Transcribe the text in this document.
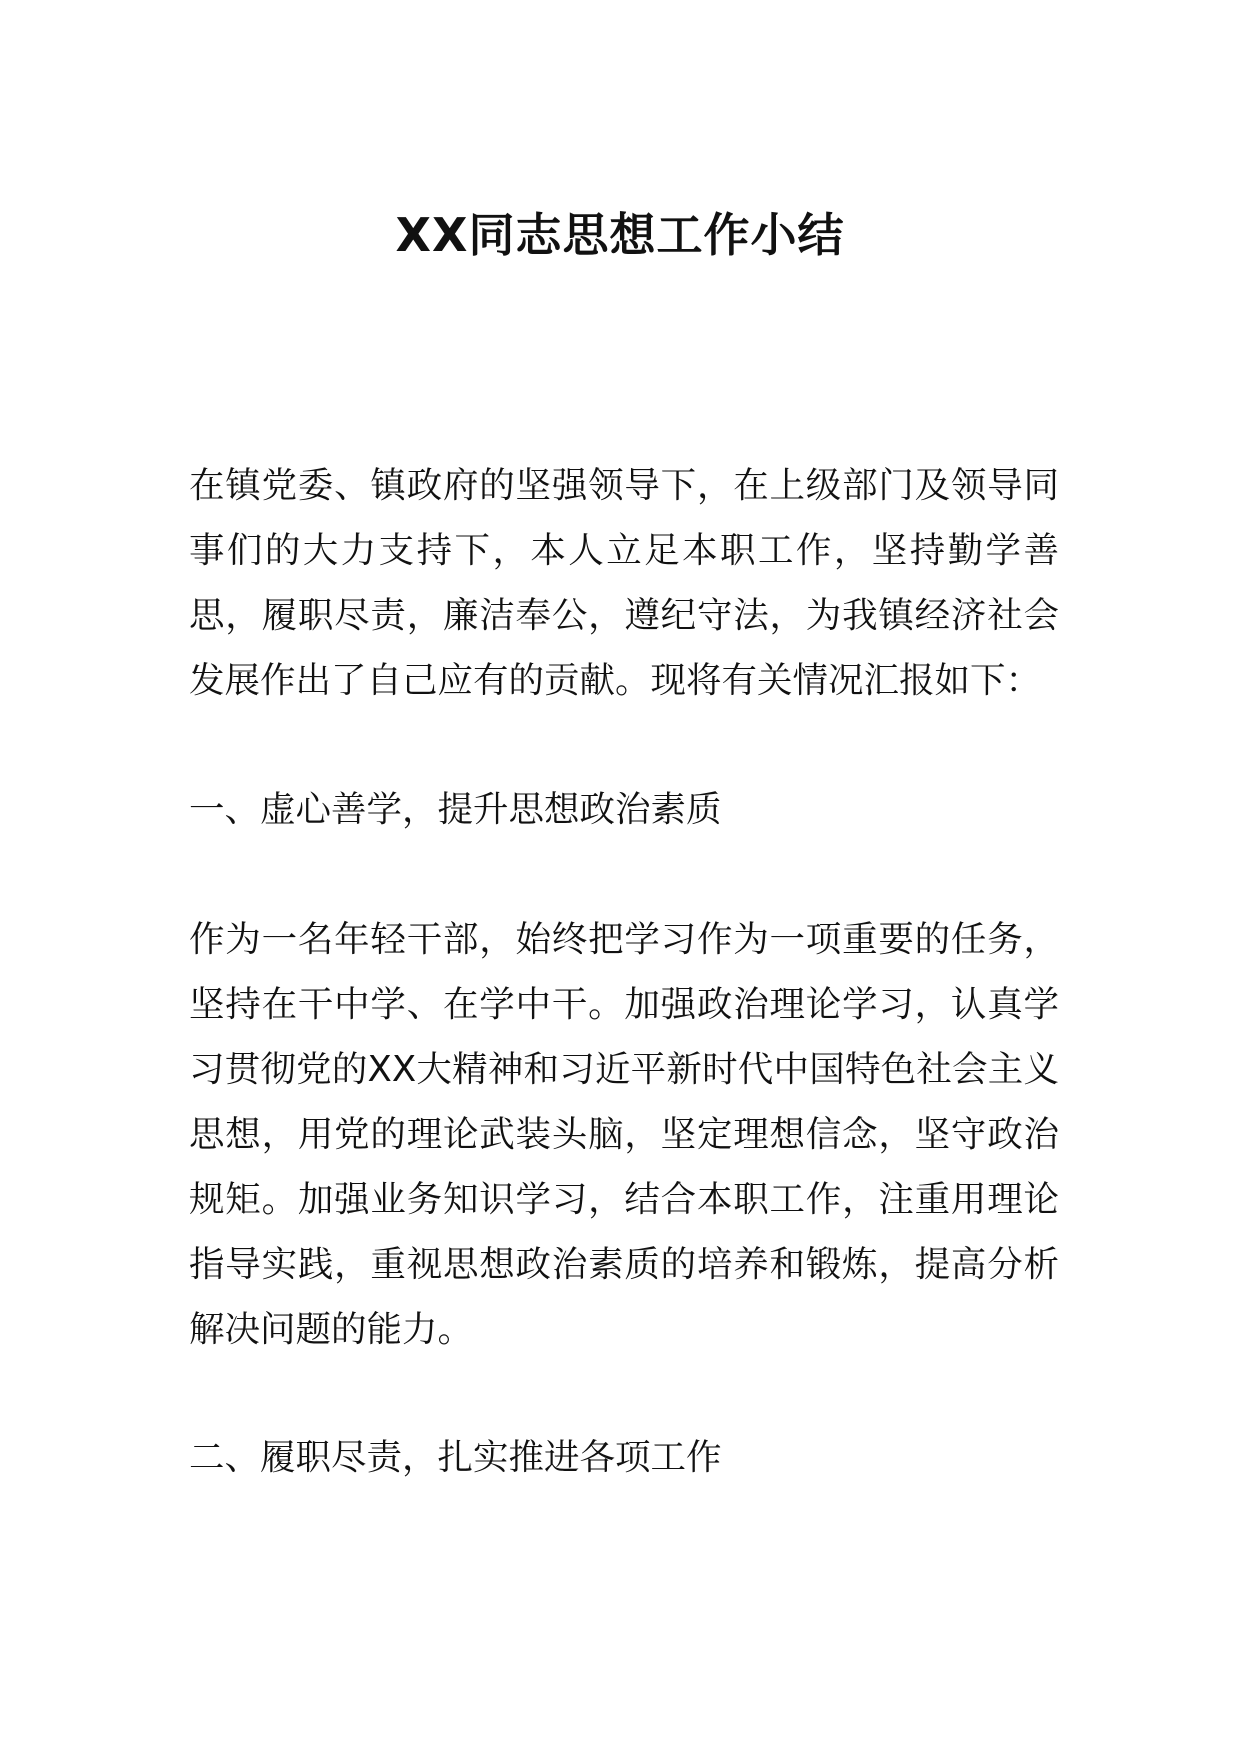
XX同志思想工作小结

在镇党委、镇政府的坚强领导下，在上级部门及领导同事们的大力支持下，本人立足本职工作，坚持勤学善思，履职尽责，廉洁奉公，遵纪守法，为我镇经济社会发展作出了自己应有的贡献。现将有关情况汇报如下：

一、虚心善学，提升思想政治素质

作为一名年轻干部，始终把学习作为一项重要的任务，坚持在干中学、在学中干。加强政治理论学习，认真学习贯彻党的XX大精神和习近平新时代中国特色社会主义思想，用党的理论武装头脑，坚定理想信念，坚守政治规矩。加强业务知识学习，结合本职工作，注重用理论指导实践，重视思想政治素质的培养和锻炼，提高分析解决问题的能力。

二、履职尽责，扎实推进各项工作
